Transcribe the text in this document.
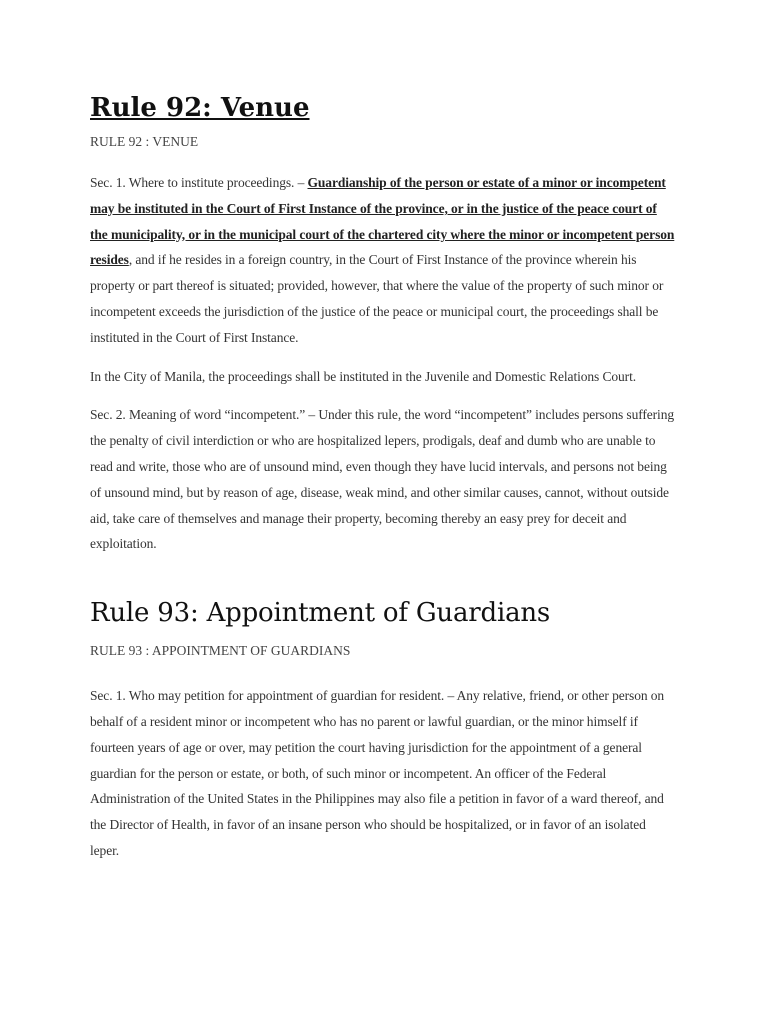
Rule 92: Venue

RULE 92 : VENUE

Sec. 1. Where to institute proceedings. – Guardianship of the person or estate of a minor or incompetent may be instituted in the Court of First Instance of the province, or in the justice of the peace court of the municipality, or in the municipal court of the chartered city where the minor or incompetent person resides, and if he resides in a foreign country, in the Court of First Instance of the province wherein his property or part thereof is situated; provided, however, that where the value of the property of such minor or incompetent exceeds the jurisdiction of the justice of the peace or municipal court, the proceedings shall be instituted in the Court of First Instance.

In the City of Manila, the proceedings shall be instituted in the Juvenile and Domestic Relations Court.

Sec. 2. Meaning of word “incompetent.” – Under this rule, the word “incompetent” includes persons suffering the penalty of civil interdiction or who are hospitalized lepers, prodigals, deaf and dumb who are unable to read and write, those who are of unsound mind, even though they have lucid intervals, and persons not being of unsound mind, but by reason of age, disease, weak mind, and other similar causes, cannot, without outside aid, take care of themselves and manage their property, becoming thereby an easy prey for deceit and exploitation.

Rule 93: Appointment of Guardians

RULE 93 : APPOINTMENT OF GUARDIANS

Sec. 1. Who may petition for appointment of guardian for resident. – Any relative, friend, or other person on behalf of a resident minor or incompetent who has no parent or lawful guardian, or the minor himself if fourteen years of age or over, may petition the court having jurisdiction for the appointment of a general guardian for the person or estate, or both, of such minor or incompetent. An officer of the Federal Administration of the United States in the Philippines may also file a petition in favor of a ward thereof, and the Director of Health, in favor of an insane person who should be hospitalized, or in favor of an isolated leper.
